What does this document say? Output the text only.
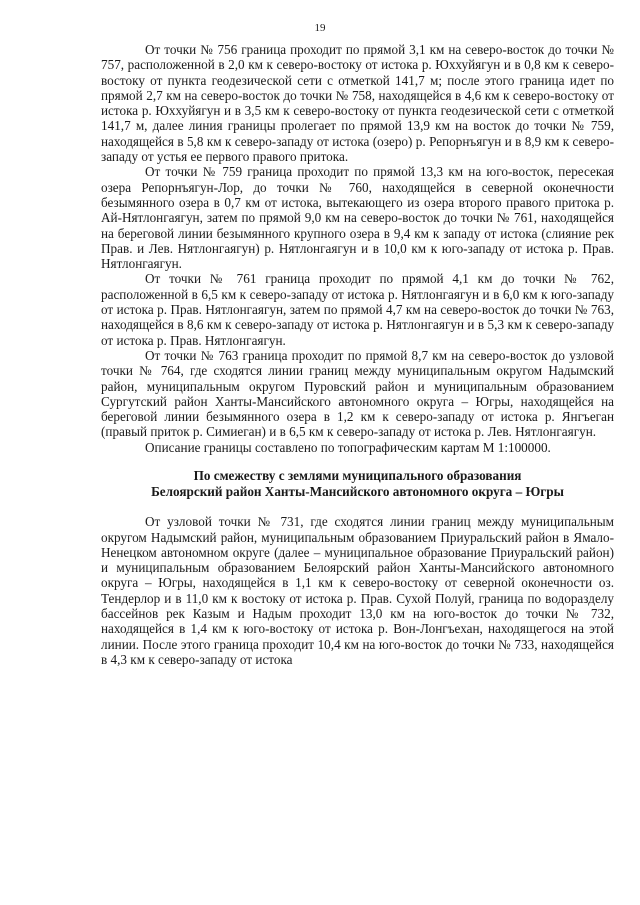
19

От точки № 756 граница проходит по прямой 3,1 км на северо-восток до точки № 757, расположенной в 2,0 км к северо-востоку от истока р. Юххуйягун и в 0,8 км к северо-востоку от пункта геодезической сети с отметкой 141,7 м; после этого граница идет по прямой 2,7 км на северо-восток до точки № 758, находящейся в 4,6 км к северо-востоку от истока р. Юххуйягун и в 3,5 км к северо-востоку от пункта геодезической сети с отметкой 141,7 м, далее линия границы пролегает по прямой 13,9 км на восток до точки № 759, находящейся в 5,8 км к северо-западу от истока (озеро) р. Репорнъягун и в 8,9 км к северо-западу от устья ее первого правого притока.

От точки № 759 граница проходит по прямой 13,3 км на юго-восток, пересекая озера Репорнъягун-Лор, до точки № 760, находящейся в северной оконечности безымянного озера в 0,7 км от истока, вытекающего из озера второго правого притока р. Ай-Нятлонгаягун, затем по прямой 9,0 км на северо-восток до точки № 761, находящейся на береговой линии безымянного крупного озера в 9,4 км к западу от истока (слияние рек Прав. и Лев. Нятлонгаягун) р. Нятлонгаягун и в 10,0 км к юго-западу от истока р. Прав. Нятлонгаягун.

От точки № 761 граница проходит по прямой 4,1 км до точки № 762, расположенной в 6,5 км к северо-западу от истока р. Нятлонгаягун и в 6,0 км к юго-западу от истока р. Прав. Нятлонгаягун, затем по прямой 4,7 км на северо-восток до точки № 763, находящейся в 8,6 км к северо-западу от истока р. Нятлонгаягун и в 5,3 км к северо-западу от истока р. Прав. Нятлонгаягун.

От точки № 763 граница проходит по прямой 8,7 км на северо-восток до узловой точки № 764, где сходятся линии границ между муниципальным округом Надымский район, муниципальным округом Пуровский район и муниципальным образованием Сургутский район Ханты-Мансийского автономного округа – Югры, находящейся на береговой линии безымянного озера в 1,2 км к северо-западу от истока р. Янгъеган (правый приток р. Симиеган) и в 6,5 км к северо-западу от истока р. Лев. Нятлонгаягун.

Описание границы составлено по топографическим картам М 1:100000.

По смежеству с землями муниципального образования
Белоярский район Ханты-Мансийского автономного округа – Югры

От узловой точки № 731, где сходятся линии границ между муниципальным округом Надымский район, муниципальным образованием Приуральский район в Ямало-Ненецком автономном округе (далее – муниципальное образование Приуральский район) и муниципальным образованием Белоярский район Ханты-Мансийского автономного округа – Югры, находящейся в 1,1 км к северо-востоку от северной оконечности оз. Тендерлор и в 11,0 км к востоку от истока р. Прав. Сухой Полуй, граница по водоразделу бассейнов рек Казым и Надым проходит 13,0 км на юго-восток до точки № 732, находящейся в 1,4 км к юго-востоку от истока р. Вон-Лонгъехан, находящегося на этой линии. После этого граница проходит 10,4 км на юго-восток до точки № 733, находящейся в 4,3 км к северо-западу от истока
